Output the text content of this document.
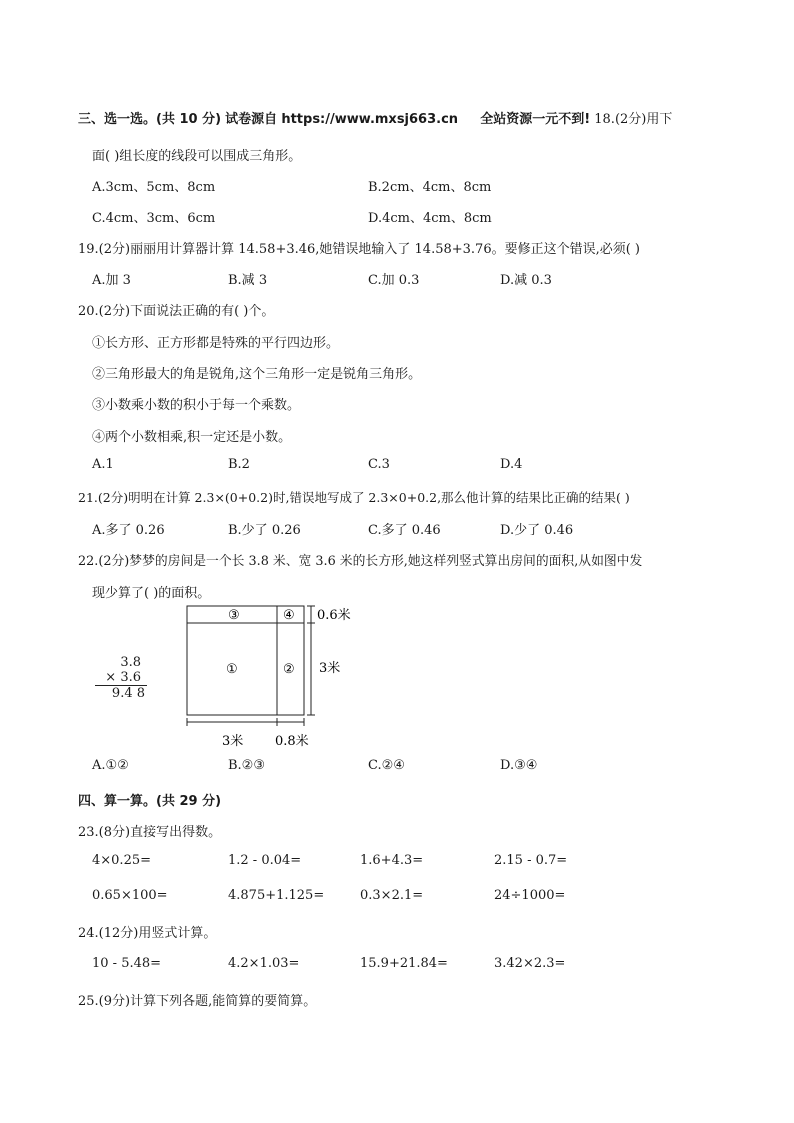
三、选一选。(共 10 分) 试卷源自 https://www.mxsj663.cn 全站资源一元不到! 18.(2分)用下
面( )组长度的线段可以围成三角形。
A.3cm、5cm、8cm	B.2cm、4cm、8cm
C.4cm、3cm、6cm	D.4cm、4cm、8cm
19.(2分)丽丽用计算器计算 14.58+3.46,她错误地输入了 14.58+3.76。要修正这个错误,必须( )
A.加 3	B.减 3	C.加 0.3	D.减 0.3
20.(2分)下面说法正确的有( )个。
①长方形、正方形都是特殊的平行四边形。
②三角形最大的角是锐角,这个三角形一定是锐角三角形。
③小数乘小数的积小于每一个乘数。
④两个小数相乘,积一定还是小数。
A.1	B.2	C.3	D.4
21.(2分)明明在计算 2.3×(0+0.2)时,错误地写成了 2.3×0+0.2,那么他计算的结果比正确的结果( )
A.多了 0.26	B.少了 0.26	C.多了 0.46	D.少了 0.46
22.(2分)梦梦的房间是一个长 3.8 米、宽 3.6 米的长方形,她这样列竖式算出房间的面积,从如图中发
现少算了( )的面积。
3.8
× 3.6
9.4 8
③	④
①	②
0.6米
3米
3米 0.8米
A.①②	B.②③	C.②④	D.③④
四、算一算。(共 29 分)
23.(8分)直接写出得数。
4×0.25=	1.2 - 0.04=	1.6+4.3=	2.15 - 0.7=
0.65×100=	4.875+1.125=	0.3×2.1=	24÷1000=
24.(12分)用竖式计算。
10 - 5.48=	4.2×1.03=	15.9+21.84=	3.42×2.3=
25.(9分)计算下列各题,能简算的要简算。
